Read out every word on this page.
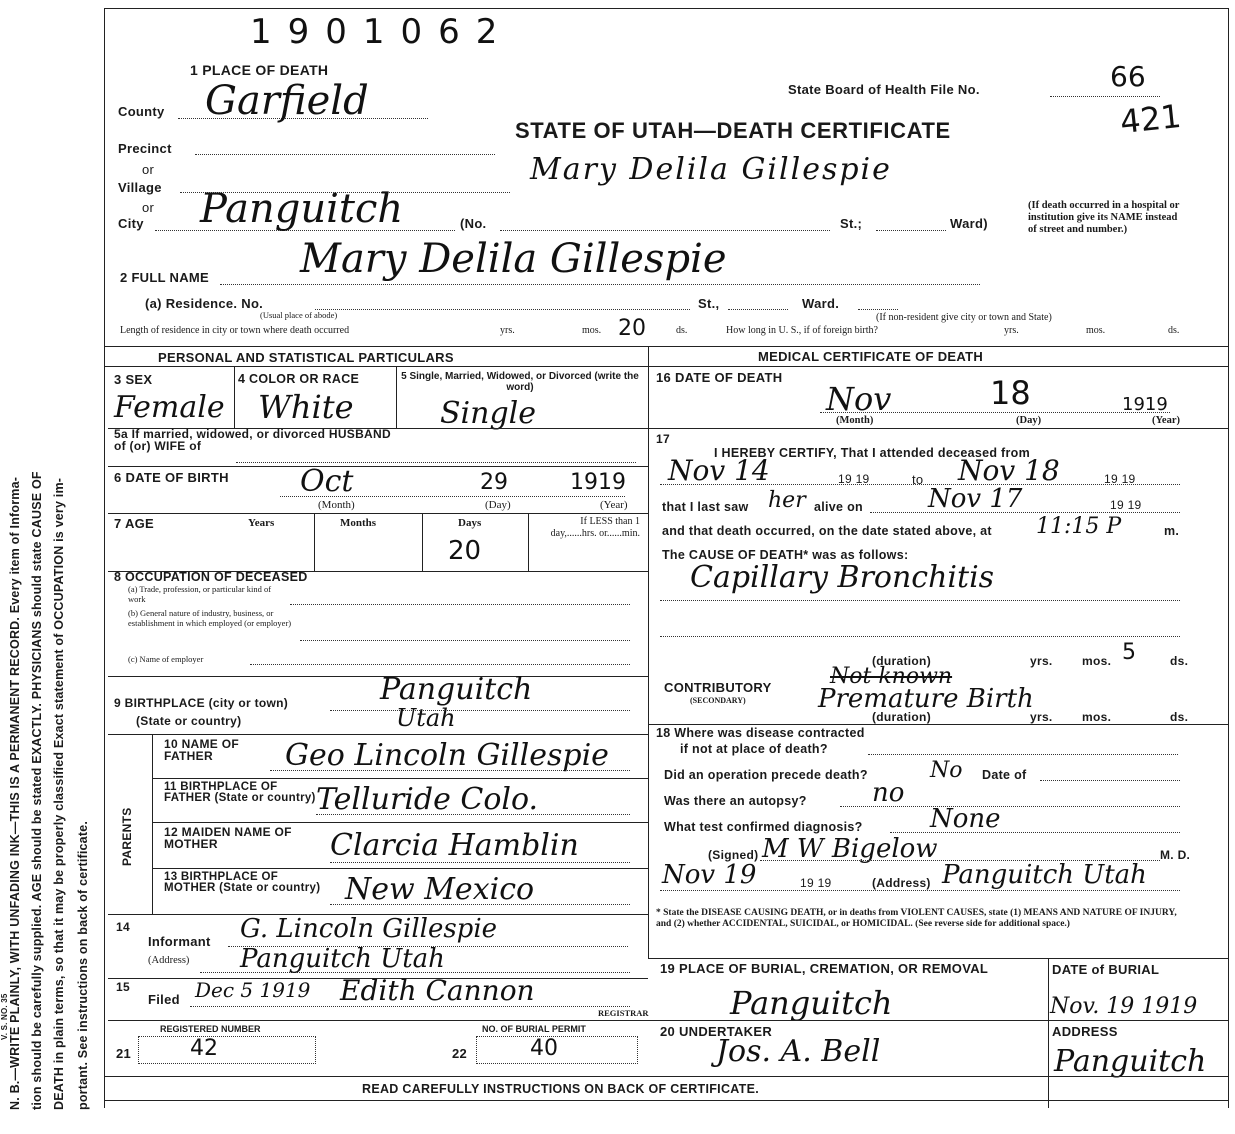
N. B.—WRITE PLAINLY, WITH UNFADING INK—THIS IS A PERMANENT RECORD. Every item of Informa- tion should be carefully supplied. AGE should be stated EXACTLY. PHYSICIANS should state CAUSE OF DEATH in plain terms, so that it may be properly classified Exact statement of OCCUPATION is very im- portant. See instructions on back of certificate.
V. S. NO. 35
1901062
1 PLACE OF DEATH
State Board of Health File No.	66
421
STATE OF UTAH—DEATH CERTIFICATE
Mary Delila Gillespie
County Garfield
Precinct
or
Village
or
City Panguitch	(No.	St.;	Ward)
(If death occurred in a hospital or institution give its NAME instead of street and number.)
2 FULL NAME Mary Delila Gillespie
(a) Residence. No.
(Usual place of abode)
St.,	Ward.
(If non-resident give city or town and State)
Length of residence in city or town where death occurred	yrs.	mos. 20	ds.	How long in U. S., if of foreign birth?	yrs.	mos.	ds.
PERSONAL AND STATISTICAL PARTICULARS	MEDICAL CERTIFICATE OF DEATH
3 SEX	4 COLOR OR RACE	5 Single, Married, Widowed, or Divorced (write the word)
Female White	Single
5a If married, widowed, or divorced HUSBAND of (or) WIFE of
6 DATE OF BIRTH Oct	29	1919
(Month)	(Day)	(Year)
7 AGE	Years	Months	Days
20
If LESS than 1 day,......hrs. or......min.
8 OCCUPATION OF DECEASED
(a) Trade, profession, or particular kind of work
(b) General nature of industry, business, or establishment in which employed (or employer)
(c) Name of employer
9 BIRTHPLACE (city or town)
(State or country)
Panguitch
Utah
PARENTS
10 NAME OF FATHER	Geo Lincoln Gillespie
11 BIRTHPLACE OF FATHER (State or country) Telluride Colo.
12 MAIDEN NAME OF MOTHER	Clarcia Hamblin
13 BIRTHPLACE OF MOTHER (State or country) New Mexico
14
Informant G. Lincoln Gillespie
(Address) Panguitch Utah
15
Filed Dec 5 1919 Edith Cannon
REGISTRAR
REGISTERED NUMBER	NO. OF BURIAL PERMIT
21	42	22	40
16 DATE OF DEATH
Nov	18	1919
(Month)	(Day)	(Year)
17
I HEREBY CERTIFY, That I attended deceased from
Nov 14	19 19	to Nov 18	19 19
that I last saw her alive on	Nov 17	19 19
and that death occurred, on the date stated above, at 11:15 P	m.
The CAUSE OF DEATH* was as follows:
Capillary Bronchitis
(duration)	yrs. mos. 5	ds.
CONTRIBUTORY
(SECONDARY)
Not known
Premature Birth
(duration)	yrs. mos.	ds.
18 Where was disease contracted
if not at place of death?
Did an operation precede death?	No Date of
Was there an autopsy?	no
What test confirmed diagnosis?	None
(Signed) M W Bigelow	M. D.
Nov 19	19 19	(Address) Panguitch Utah
* State the DISEASE CAUSING DEATH, or in deaths from VIOLENT CAUSES, state (1) MEANS AND NATURE OF INJURY, and (2) whether ACCIDENTAL, SUICIDAL, or HOMICIDAL. (See reverse side for additional space.)
19 PLACE OF BURIAL, CREMATION, OR REMOVAL	DATE of BURIAL
Panguitch	Nov. 19 1919
20 UNDERTAKER
Jos. A. Bell
ADDRESS
Panguitch
READ CAREFULLY INSTRUCTIONS ON BACK OF CERTIFICATE.
